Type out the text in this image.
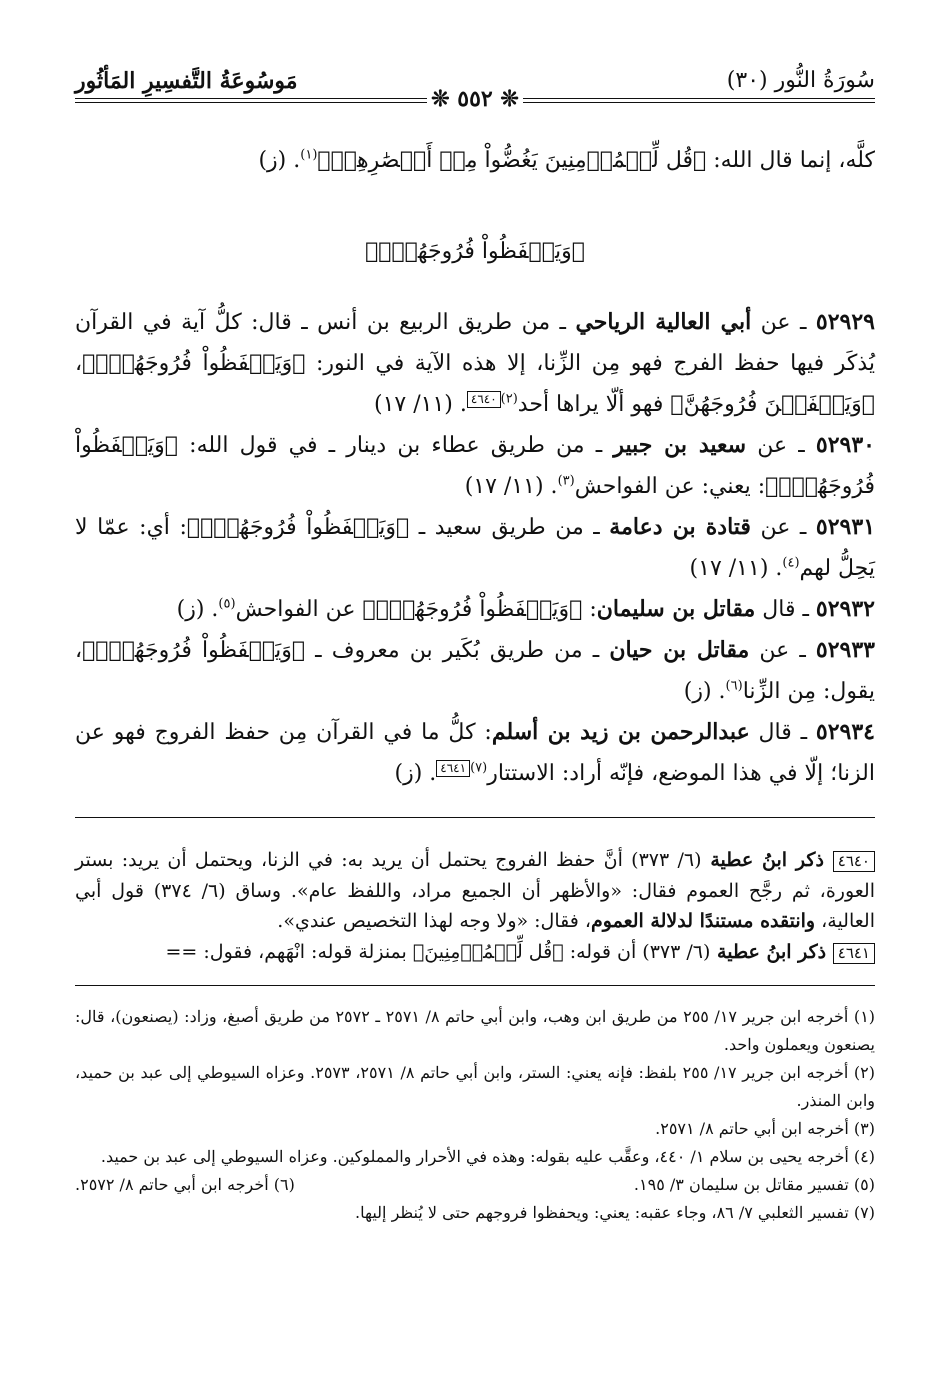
سُورَةُ النُّور (٣٠)
مَوسُوعَةُ التَّفسِيرِ المَأثُور
❊ ٥٥٢ ❊

كلَّه، إنما قال الله: ﴿قُل لِّلۡمُؤۡمِنِينَ يَغُضُّواْ مِنۡ أَبۡصَٰرِهِمۡ﴾$^{(١)}$. (ز)

﴿وَيَحۡفَظُواْ فُرُوجَهُمۡۚ﴾

٥٢٩٢٩ ـ عن أبي العالية الرياحي ـ من طريق الربيع بن أنس ـ قال: كلُّ آية في القرآن يُذكَر فيها حفظ الفرج فهو مِن الزِّنا، إلا هذه الآية في النور: ﴿وَيَحۡفَظُواْ فُرُوجَهُمۡۚ﴾، ﴿وَيَحۡفَظۡنَ فُرُوجَهُنَّ﴾ فهو ألّا يراها أحد$^{(٢)}$٤٦٤٠. (١١/ ١٧)

٥٢٩٣٠ ـ عن سعيد بن جبير ـ من طريق عطاء بن دينار ـ في قول الله: ﴿وَيَحۡفَظُواْ فُرُوجَهُمۡۚ﴾: يعني: عن الفواحش$^{(٣)}$. (١١/ ١٧)

٥٢٩٣١ ـ عن قتادة بن دعامة ـ من طريق سعيد ـ ﴿وَيَحۡفَظُواْ فُرُوجَهُمۡۚ﴾: أي: عمّا لا يَحِلُّ لهم$^{(٤)}$. (١١/ ١٧)

٥٢٩٣٢ ـ قال مقاتل بن سليمان: ﴿وَيَحۡفَظُواْ فُرُوجَهُمۡۚ﴾ عن الفواحش$^{(٥)}$. (ز)

٥٢٩٣٣ ـ عن مقاتل بن حيان ـ من طريق بُكَير بن معروف ـ ﴿وَيَحۡفَظُواْ فُرُوجَهُمۡۚ﴾، يقول: مِن الزِّنا$^{(٦)}$. (ز)

٥٢٩٣٤ ـ قال عبدالرحمن بن زيد بن أسلم: كلُّ ما في القرآن مِن حفظ الفروج فهو عن الزنا؛ إلّا في هذا الموضع، فإنّه أراد: الاستتار$^{(٧)}$٤٦٤١. (ز)

٤٦٤٠ ذكر ابنُ عطية (٦/ ٣٧٣) أنَّ حفظ الفروج يحتمل أن يريد به: في الزنا، ويحتمل أن يريد: بستر العورة، ثم رجَّح العموم فقال: «والأظهر أن الجميع مراد، واللفظ عام». وساق (٦/ ٣٧٤) قول أبي العالية، وانتقده مستندًا لدلالة العموم، فقال: «ولا وجه لهذا التخصيص عندي».

٤٦٤١ ذكر ابنُ عطية (٦/ ٣٧٣) أن قوله: ﴿قُل لِّلۡمُؤۡمِنِينَ﴾ بمنزلة قوله: انْهَهم، فقول: ==

(١) أخرجه ابن جرير ١٧/ ٢٥٥ من طريق ابن وهب، وابن أبي حاتم ٨/ ٢٥٧١ ـ ٢٥٧٢ من طريق أصبغ، وزاد: (يصنعون)، قال: يصنعون ويعملون واحد.

(٢) أخرجه ابن جرير ١٧/ ٢٥٥ بلفظ: فإنه يعني: الستر، وابن أبي حاتم ٨/ ٢٥٧١، ٢٥٧٣. وعزاه السيوطي إلى عبد بن حميد، وابن المنذر.

(٣) أخرجه ابن أبي حاتم ٨/ ٢٥٧١.

(٤) أخرجه يحيى بن سلام ١/ ٤٤٠، وعقَّب عليه بقوله: وهذه في الأحرار والمملوكين. وعزاه السيوطي إلى عبد بن حميد.

(٥) تفسير مقاتل بن سليمان ٣/ ١٩٥.
(٦) أخرجه ابن أبي حاتم ٨/ ٢٥٧٢.

(٧) تفسير الثعلبي ٧/ ٨٦، وجاء عقبه: يعني: ويحفظوا فروجهم حتى لا يُنظر إليها.
